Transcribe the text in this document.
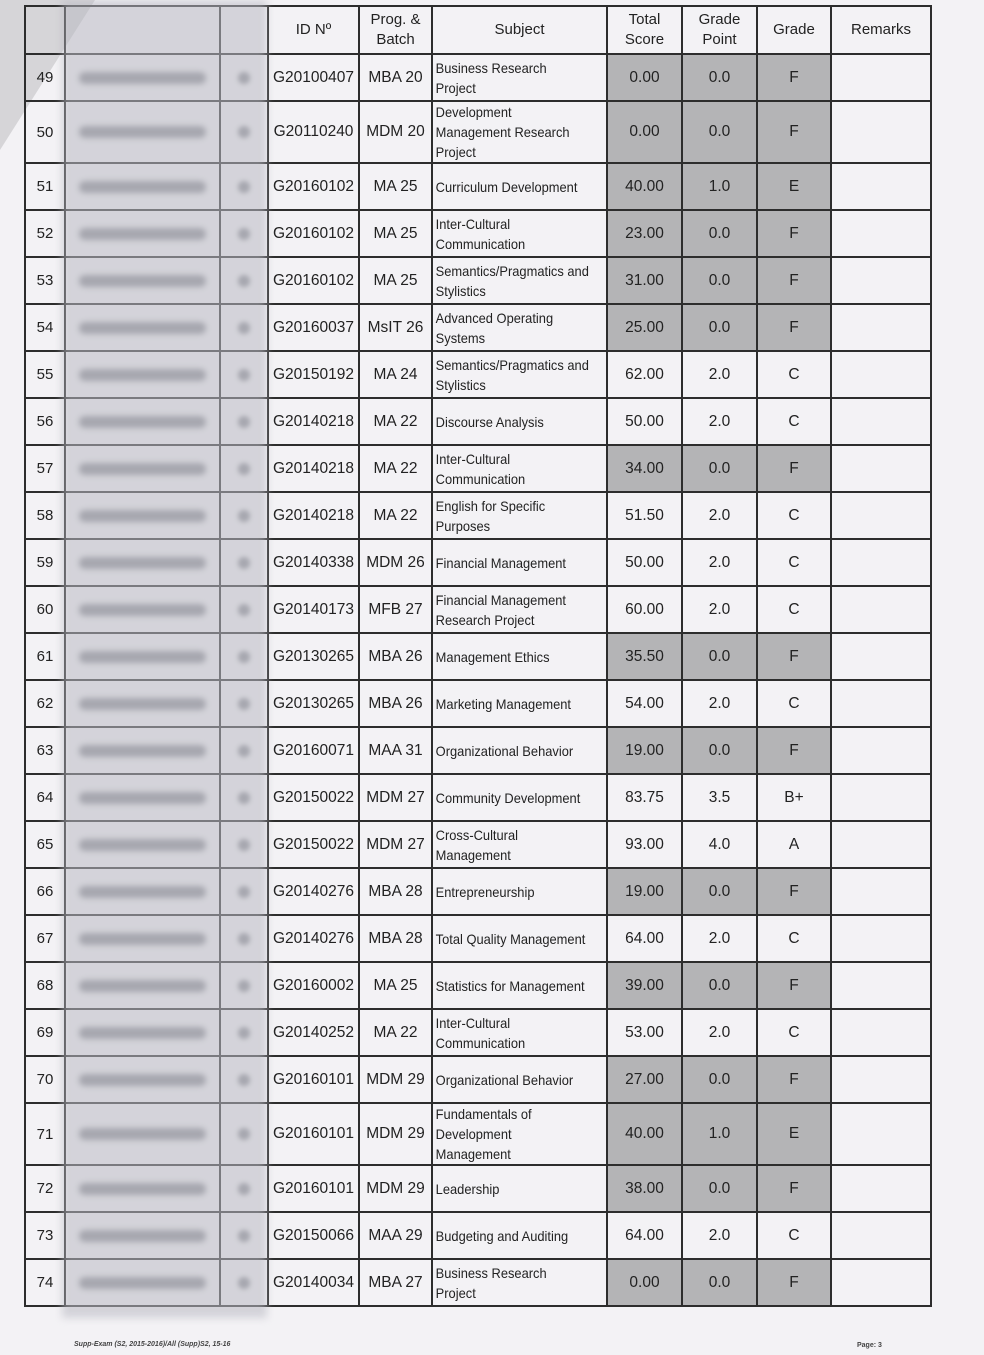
			ID Nº	Prog. & Batch	Subject	Total Score	Grade Point	Grade	Remarks
49			G20100407	MBA 20	Business Research Project	0.00	0.0	F	
50			G20110240	MDM 20	Development Management Research Project	0.00	0.0	F	
51			G20160102	MA 25	Curriculum Development	40.00	1.0	E	
52			G20160102	MA 25	Inter-Cultural Communication	23.00	0.0	F	
53			G20160102	MA 25	Semantics/Pragmatics and Stylistics	31.00	0.0	F	
54			G20160037	MsIT 26	Advanced Operating Systems	25.00	0.0	F	
55			G20150192	MA 24	Semantics/Pragmatics and Stylistics	62.00	2.0	C	
56			G20140218	MA 22	Discourse Analysis	50.00	2.0	C	
57			G20140218	MA 22	Inter-Cultural Communication	34.00	0.0	F	
58			G20140218	MA 22	English for Specific Purposes	51.50	2.0	C	
59			G20140338	MDM 26	Financial Management	50.00	2.0	C	
60			G20140173	MFB 27	Financial Management Research Project	60.00	2.0	C	
61			G20130265	MBA 26	Management Ethics	35.50	0.0	F	
62			G20130265	MBA 26	Marketing Management	54.00	2.0	C	
63			G20160071	MAA 31	Organizational Behavior	19.00	0.0	F	
64			G20150022	MDM 27	Community Development	83.75	3.5	B+	
65			G20150022	MDM 27	Cross-Cultural Management	93.00	4.0	A	
66			G20140276	MBA 28	Entrepreneurship	19.00	0.0	F	
67			G20140276	MBA 28	Total Quality Management	64.00	2.0	C	
68			G20160002	MA 25	Statistics for Management	39.00	0.0	F	
69			G20140252	MA 22	Inter-Cultural Communication	53.00	2.0	C	
70			G20160101	MDM 29	Organizational Behavior	27.00	0.0	F	
71			G20160101	MDM 29	Fundamentals of Development Management	40.00	1.0	E	
72			G20160101	MDM 29	Leadership	38.00	0.0	F	
73			G20150066	MAA 29	Budgeting and Auditing	64.00	2.0	C	
74			G20140034	MBA 27	Business Research Project	0.00	0.0	F	
Supp-Exam (S2, 2015-2016)/All (Supp)S2, 15-16	Page: 3
